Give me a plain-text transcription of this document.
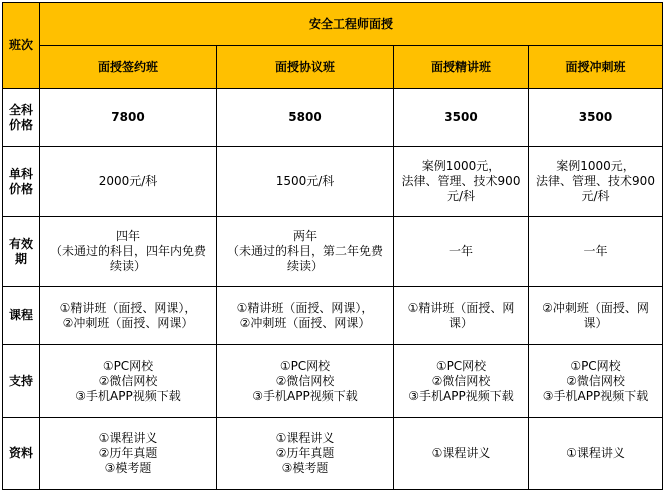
班次	安全工程师面授			
	面授签约班	面授协议班	面授精讲班	面授冲刺班

全科
价格	7800	5800	3500	3500

单科
价格	2000元/科	1500元/科	案例1000元，
法律、管理、技术900
元/科	案例1000元，
法律、管理、技术900
元/科

有效
期	四年
（未通过的科目，四年内免费
续读）	两年
（未通过的科目，第二年免费
续读）	一年	一年

课程	①精讲班（面授、网课），
②冲刺班（面授、网课）	①精讲班（面授、网课），
②冲刺班（面授、网课）	①精讲班（面授、网
课）	②冲刺班（面授、网
课）

支持	①PC网校
②微信网校
③手机APP视频下载	①PC网校
②微信网校
③手机APP视频下载	①PC网校
②微信网校
③手机APP视频下载	①PC网校
②微信网校
③手机APP视频下载

资料	①课程讲义
②历年真题
③模考题	①课程讲义
②历年真题
③模考题	①课程讲义	①课程讲义
